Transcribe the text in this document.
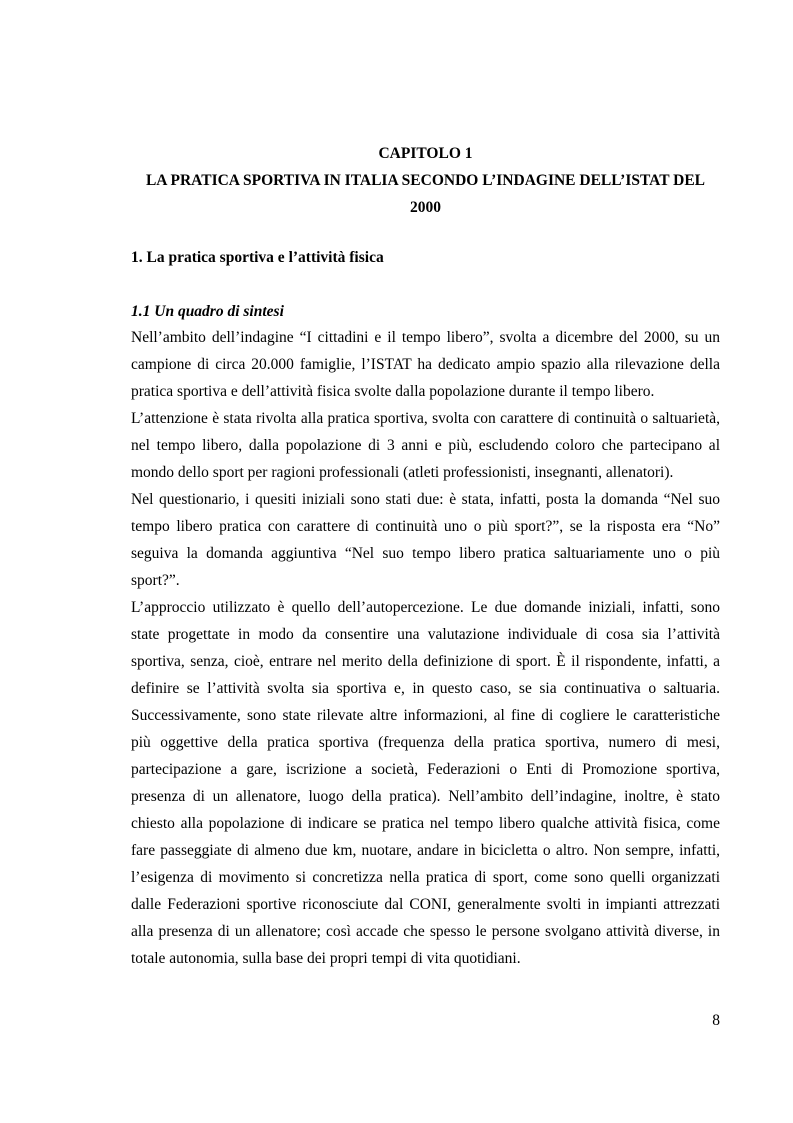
CAPITOLO 1
LA PRATICA SPORTIVA IN ITALIA SECONDO L’INDAGINE DELL’ISTAT DEL
2000
1. La pratica sportiva e l’attività fisica
1.1 Un quadro di sintesi
Nell’ambito dell’indagine “I cittadini e il tempo libero”, svolta a dicembre del 2000, su un
campione di circa 20.000 famiglie, l’ISTAT ha dedicato ampio spazio alla rilevazione della
pratica sportiva e dell’attività fisica svolte dalla popolazione durante il tempo libero.
L’attenzione è stata rivolta alla pratica sportiva, svolta con carattere di continuità o saltuarietà,
nel tempo libero, dalla popolazione di 3 anni e più, escludendo coloro che partecipano al
mondo dello sport per ragioni professionali (atleti professionisti, insegnanti, allenatori).
Nel questionario, i quesiti iniziali sono stati due: è stata, infatti, posta la domanda “Nel suo
tempo libero pratica con carattere di continuità uno o più sport?”, se la risposta era “No”
seguiva la domanda aggiuntiva “Nel suo tempo libero pratica saltuariamente uno o più
sport?”.
L’approccio utilizzato è quello dell’autopercezione. Le due domande iniziali, infatti, sono
state progettate in modo da consentire una valutazione individuale di cosa sia l’attività
sportiva, senza, cioè, entrare nel merito della definizione di sport. È il rispondente, infatti, a
definire se l’attività svolta sia sportiva e, in questo caso, se sia continuativa o saltuaria.
Successivamente, sono state rilevate altre informazioni, al fine di cogliere le caratteristiche
più oggettive della pratica sportiva (frequenza della pratica sportiva, numero di mesi,
partecipazione a gare, iscrizione a società, Federazioni o Enti di Promozione sportiva,
presenza di un allenatore, luogo della pratica). Nell’ambito dell’indagine, inoltre, è stato
chiesto alla popolazione di indicare se pratica nel tempo libero qualche attività fisica, come
fare passeggiate di almeno due km, nuotare, andare in bicicletta o altro. Non sempre, infatti,
l’esigenza di movimento si concretizza nella pratica di sport, come sono quelli organizzati
dalle Federazioni sportive riconosciute dal CONI, generalmente svolti in impianti attrezzati
alla presenza di un allenatore; così accade che spesso le persone svolgano attività diverse, in
totale autonomia, sulla base dei propri tempi di vita quotidiani.
8
